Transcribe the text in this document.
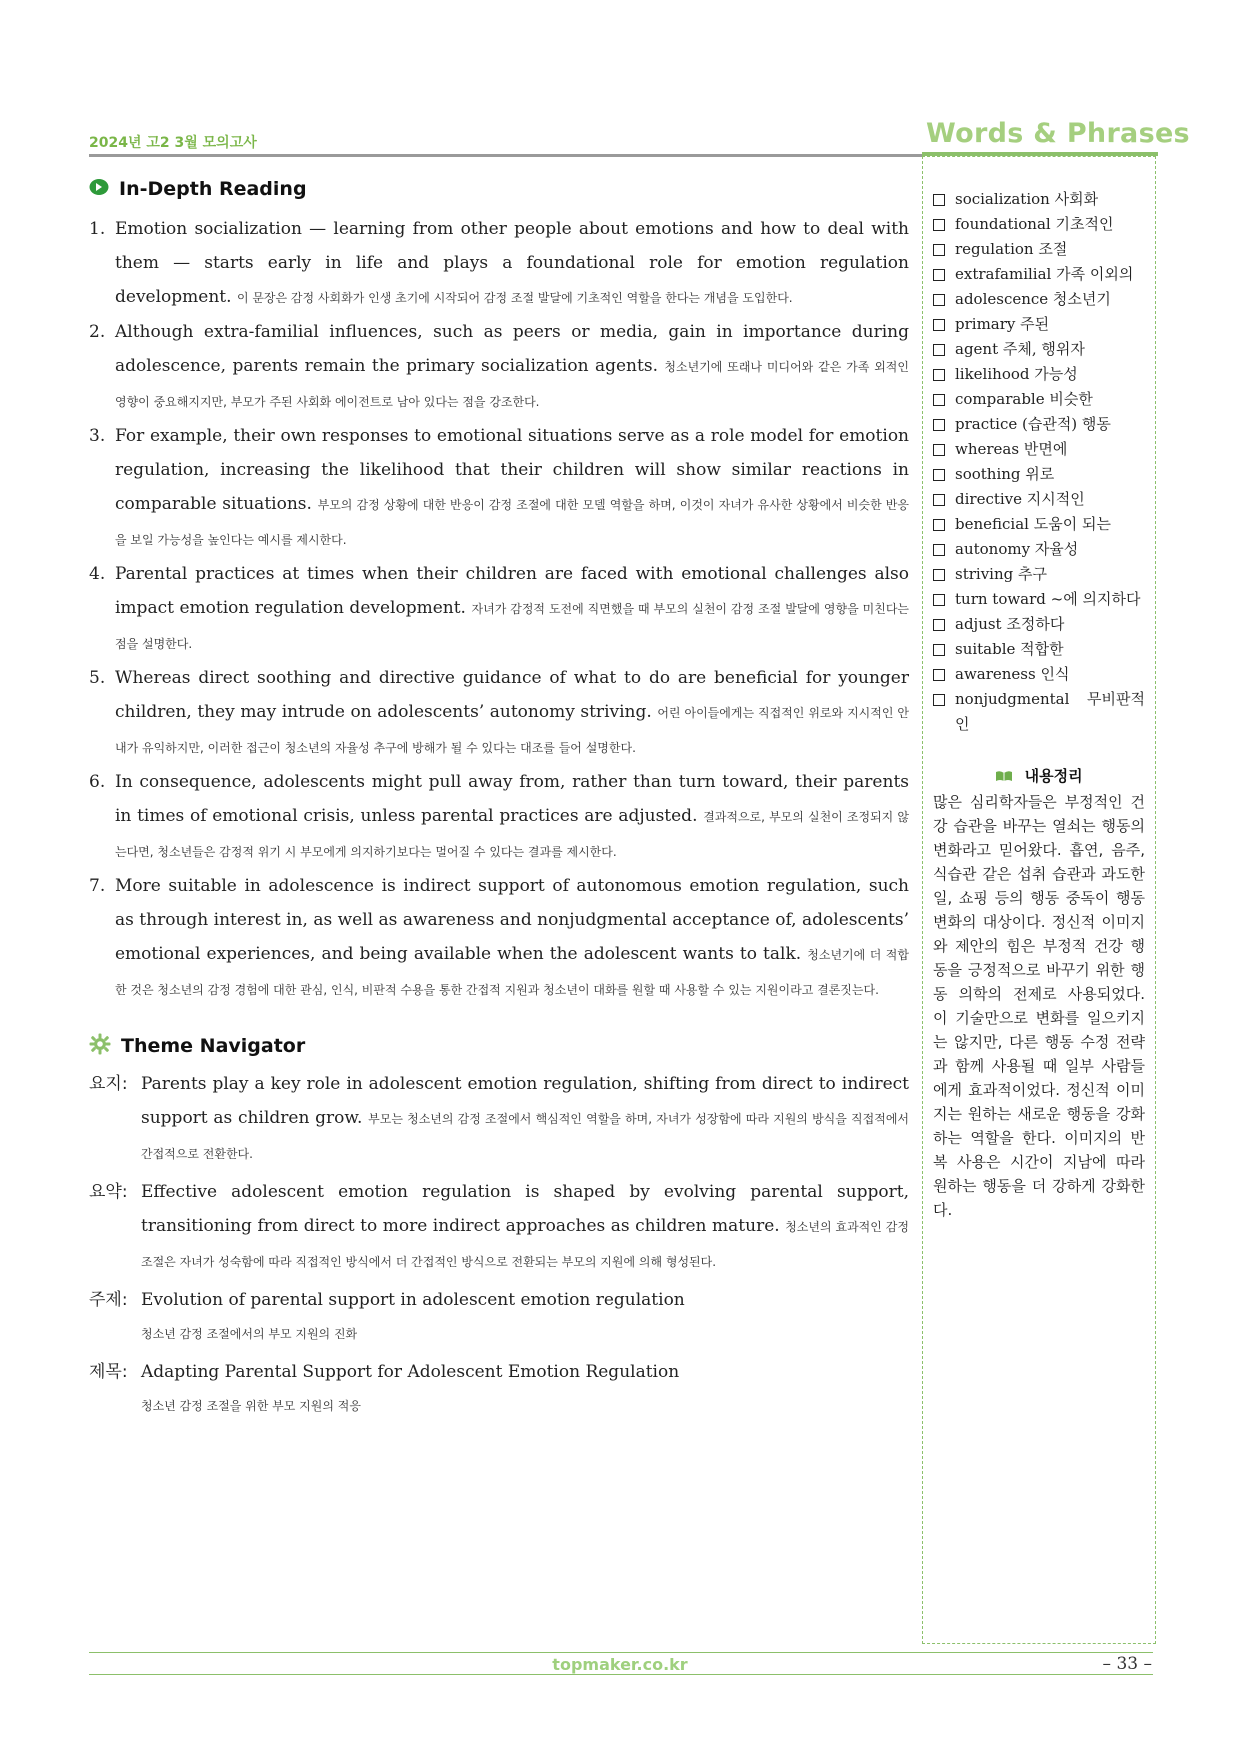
2024년 고2 3월 모의고사	Words & Phrases
In-Depth Reading
1. Emotion socialization — learning from other people about emotions and how to deal with them — starts early in life and plays a foundational role for emotion regulation development. 이 문장은 감정 사회화가 인생 초기에 시작되어 감정 조절 발달에 기초적인 역할을 한다는 개념을 도입한다.
2. Although extra-familial influences, such as peers or media, gain in importance during adolescence, parents remain the primary socialization agents. 청소년기에 또래나 미디어와 같은 가족 외적인 영향이 중요해지지만, 부모가 주된 사회화 에이전트로 남아 있다는 점을 강조한다.
3. For example, their own responses to emotional situations serve as a role model for emotion regulation, increasing the likelihood that their children will show similar reactions in comparable situations. 부모의 감정 상황에 대한 반응이 감정 조절에 대한 모델 역할을 하며, 이것이 자녀가 유사한 상황에서 비슷한 반응을 보일 가능성을 높인다는 예시를 제시한다.
4. Parental practices at times when their children are faced with emotional challenges also impact emotion regulation development. 자녀가 감정적 도전에 직면했을 때 부모의 실천이 감정 조절 발달에 영향을 미친다는 점을 설명한다.
5. Whereas direct soothing and directive guidance of what to do are beneficial for younger children, they may intrude on adolescents’ autonomy striving. 어린 아이들에게는 직접적인 위로와 지시적인 안내가 유익하지만, 이러한 접근이 청소년의 자율성 추구에 방해가 될 수 있다는 대조를 들어 설명한다.
6. In consequence, adolescents might pull away from, rather than turn toward, their parents in times of emotional crisis, unless parental practices are adjusted. 결과적으로, 부모의 실천이 조정되지 않는다면, 청소년들은 감정적 위기 시 부모에게 의지하기보다는 멀어질 수 있다는 결과를 제시한다.
7. More suitable in adolescence is indirect support of autonomous emotion regulation, such as through interest in, as well as awareness and nonjudgmental acceptance of, adolescents’ emotional experiences, and being available when the adolescent wants to talk. 청소년기에 더 적합한 것은 청소년의 감정 경험에 대한 관심, 인식, 비판적 수용을 통한 간접적 지원과 청소년이 대화를 원할 때 사용할 수 있는 지원이라고 결론짓는다.
Theme Navigator
요지: Parents play a key role in adolescent emotion regulation, shifting from direct to indirect support as children grow. 부모는 청소년의 감정 조절에서 핵심적인 역할을 하며, 자녀가 성장함에 따라 지원의 방식을 직접적에서 간접적으로 전환한다.
요약: Effective adolescent emotion regulation is shaped by evolving parental support, transitioning from direct to more indirect approaches as children mature. 청소년의 효과적인 감정 조절은 자녀가 성숙함에 따라 직접적인 방식에서 더 간접적인 방식으로 전환되는 부모의 지원에 의해 형성된다.
주제: Evolution of parental support in adolescent emotion regulation
청소년 감정 조절에서의 부모 지원의 진화
제목: Adapting Parental Support for Adolescent Emotion Regulation
청소년 감정 조절을 위한 부모 지원의 적응
socialization 사회화
foundational 기초적인
regulation 조절
extrafamilial 가족 이외의
adolescence 청소년기
primary 주된
agent 주체, 행위자
likelihood 가능성
comparable 비슷한
practice (습관적) 행동
whereas 반면에
soothing 위로
directive 지시적인
beneficial 도움이 되는
autonomy 자율성
striving 추구
turn toward ~에 의지하다
adjust 조정하다
suitable 적합한
awareness 인식
nonjudgmental 무비판적인
내용정리
많은 심리학자들은 부정적인 건강 습관을 바꾸는 열쇠는 행동의 변화라고 믿어왔다. 흡연, 음주, 식습관 같은 섭취 습관과 과도한 일, 쇼핑 등의 행동 중독이 행동 변화의 대상이다. 정신적 이미지와 제안의 힘은 부정적 건강 행동을 긍정적으로 바꾸기 위한 행동 의학의 전제로 사용되었다. 이 기술만으로 변화를 일으키지는 않지만, 다른 행동 수정 전략과 함께 사용될 때 일부 사람들에게 효과적이었다. 정신적 이미지는 원하는 새로운 행동을 강화하는 역할을 한다. 이미지의 반복 사용은 시간이 지남에 따라 원하는 행동을 더 강하게 강화한다.
topmaker.co.kr	– 33 –
